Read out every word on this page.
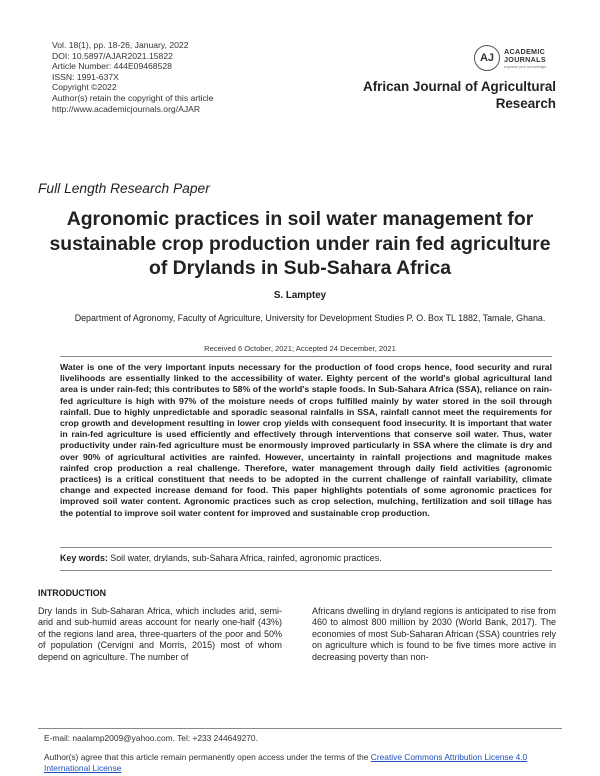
Vol. 18(1), pp. 18-26, January, 2022
DOI: 10.5897/AJAR2021.15822
Article Number: 444E09468528
ISSN: 1991-637X
Copyright ©2022
Author(s) retain the copyright of this article
http://www.academicjournals.org/AJAR
AJ
ACADEMIC
JOURNALS
expand your knowledge
African Journal of Agricultural
Research
Full Length Research Paper
Agronomic practices in soil water management for sustainable crop production under rain fed agriculture of Drylands in Sub-Sahara Africa
S. Lamptey
Department of Agronomy, Faculty of Agriculture, University for Development Studies P. O. Box TL 1882, Tamale, Ghana.
Received 6 October, 2021; Accepted 24 December, 2021
Water is one of the very important inputs necessary for the production of food crops hence, food security and rural livelihoods are essentially linked to the accessibility of water. Eighty percent of the world's global agricultural land area is under rain-fed; this contributes to 58% of the world's staple foods. In Sub-Sahara Africa (SSA), reliance on rain-fed agriculture is high with 97% of the moisture needs of crops fulfilled mainly by water stored in the soil through rainfall. Due to highly unpredictable and sporadic seasonal rainfalls in SSA, rainfall cannot meet the requirements for crop growth and development resulting in lower crop yields with consequent food insecurity. It is important that water in rain-fed agriculture is used efficiently and effectively through interventions that conserve soil water. Thus, water productivity under rain-fed agriculture must be enormously improved particularly in SSA where the climate is dry and over 90% of agricultural activities are rainfed. However, uncertainty in rainfall projections and magnitude makes rainfed crop production a real challenge. Therefore, water management through daily field activities (agronomic practices) is a critical constituent that needs to be adopted in the current challenge of rainfall variability, climate change and expected increase demand for food. This paper highlights potentials of some agronomic practices for improved soil water content. Agronomic practices such as crop selection, mulching, fertilization and soil tillage has the potential to improve soil water content for improved and sustainable crop production.
Key words: Soil water, drylands, sub-Sahara Africa, rainfed, agronomic practices.
INTRODUCTION
Dry lands in Sub-Saharan Africa, which includes arid, semi-arid and sub-humid areas account for nearly one-half (43%) of the regions land area, three-quarters of the poor and 50% of population (Cervigni and Morris, 2015) most of whom depend on agriculture. The number of
Africans dwelling in dryland regions is anticipated to rise from 460 to almost 800 million by 2030 (World Bank, 2017). The economies of most Sub-Saharan African (SSA) countries rely on agriculture which is found to be five times more active in decreasing poverty than non-
E-mail: naalamp2009@yahoo.com. Tel: +233 244649270.
Author(s) agree that this article remain permanently open access under the terms of the Creative Commons Attribution License 4.0 International License
